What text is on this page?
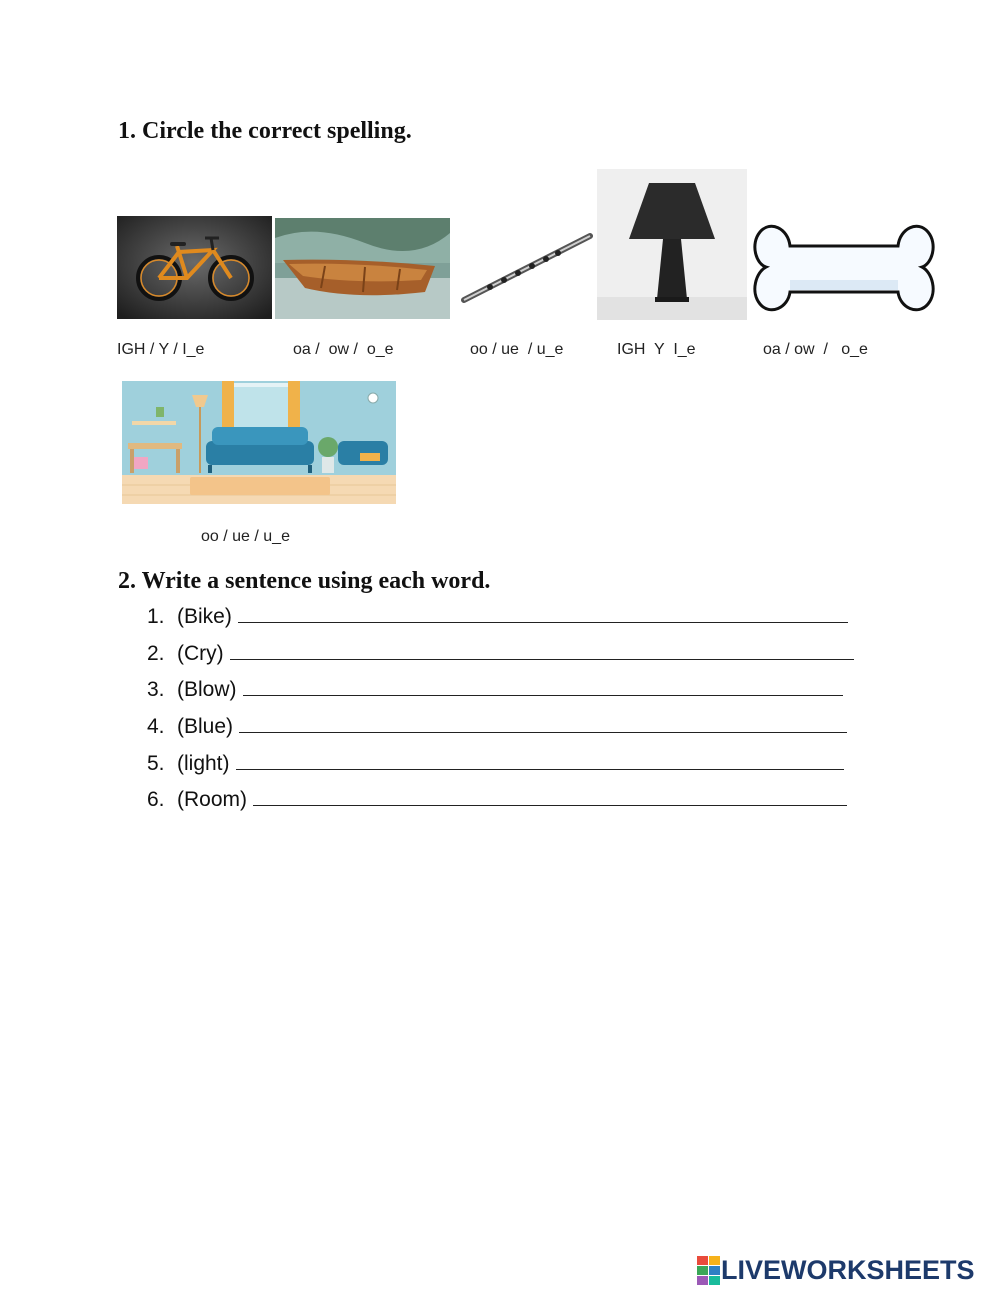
1. Circle the correct spelling.
IGH / Y / I_e	oa /  ow /  o_e	oo / ue  / u_e	IGH  Y  I_e	oa / ow  /   o_e
oo / ue / u_e
2. Write a sentence using each word.
1. (Bike)
2. (Cry)
3. (Blow)
4. (Blue)
5. (light)
6. (Room)
LIVEWORKSHEETS
